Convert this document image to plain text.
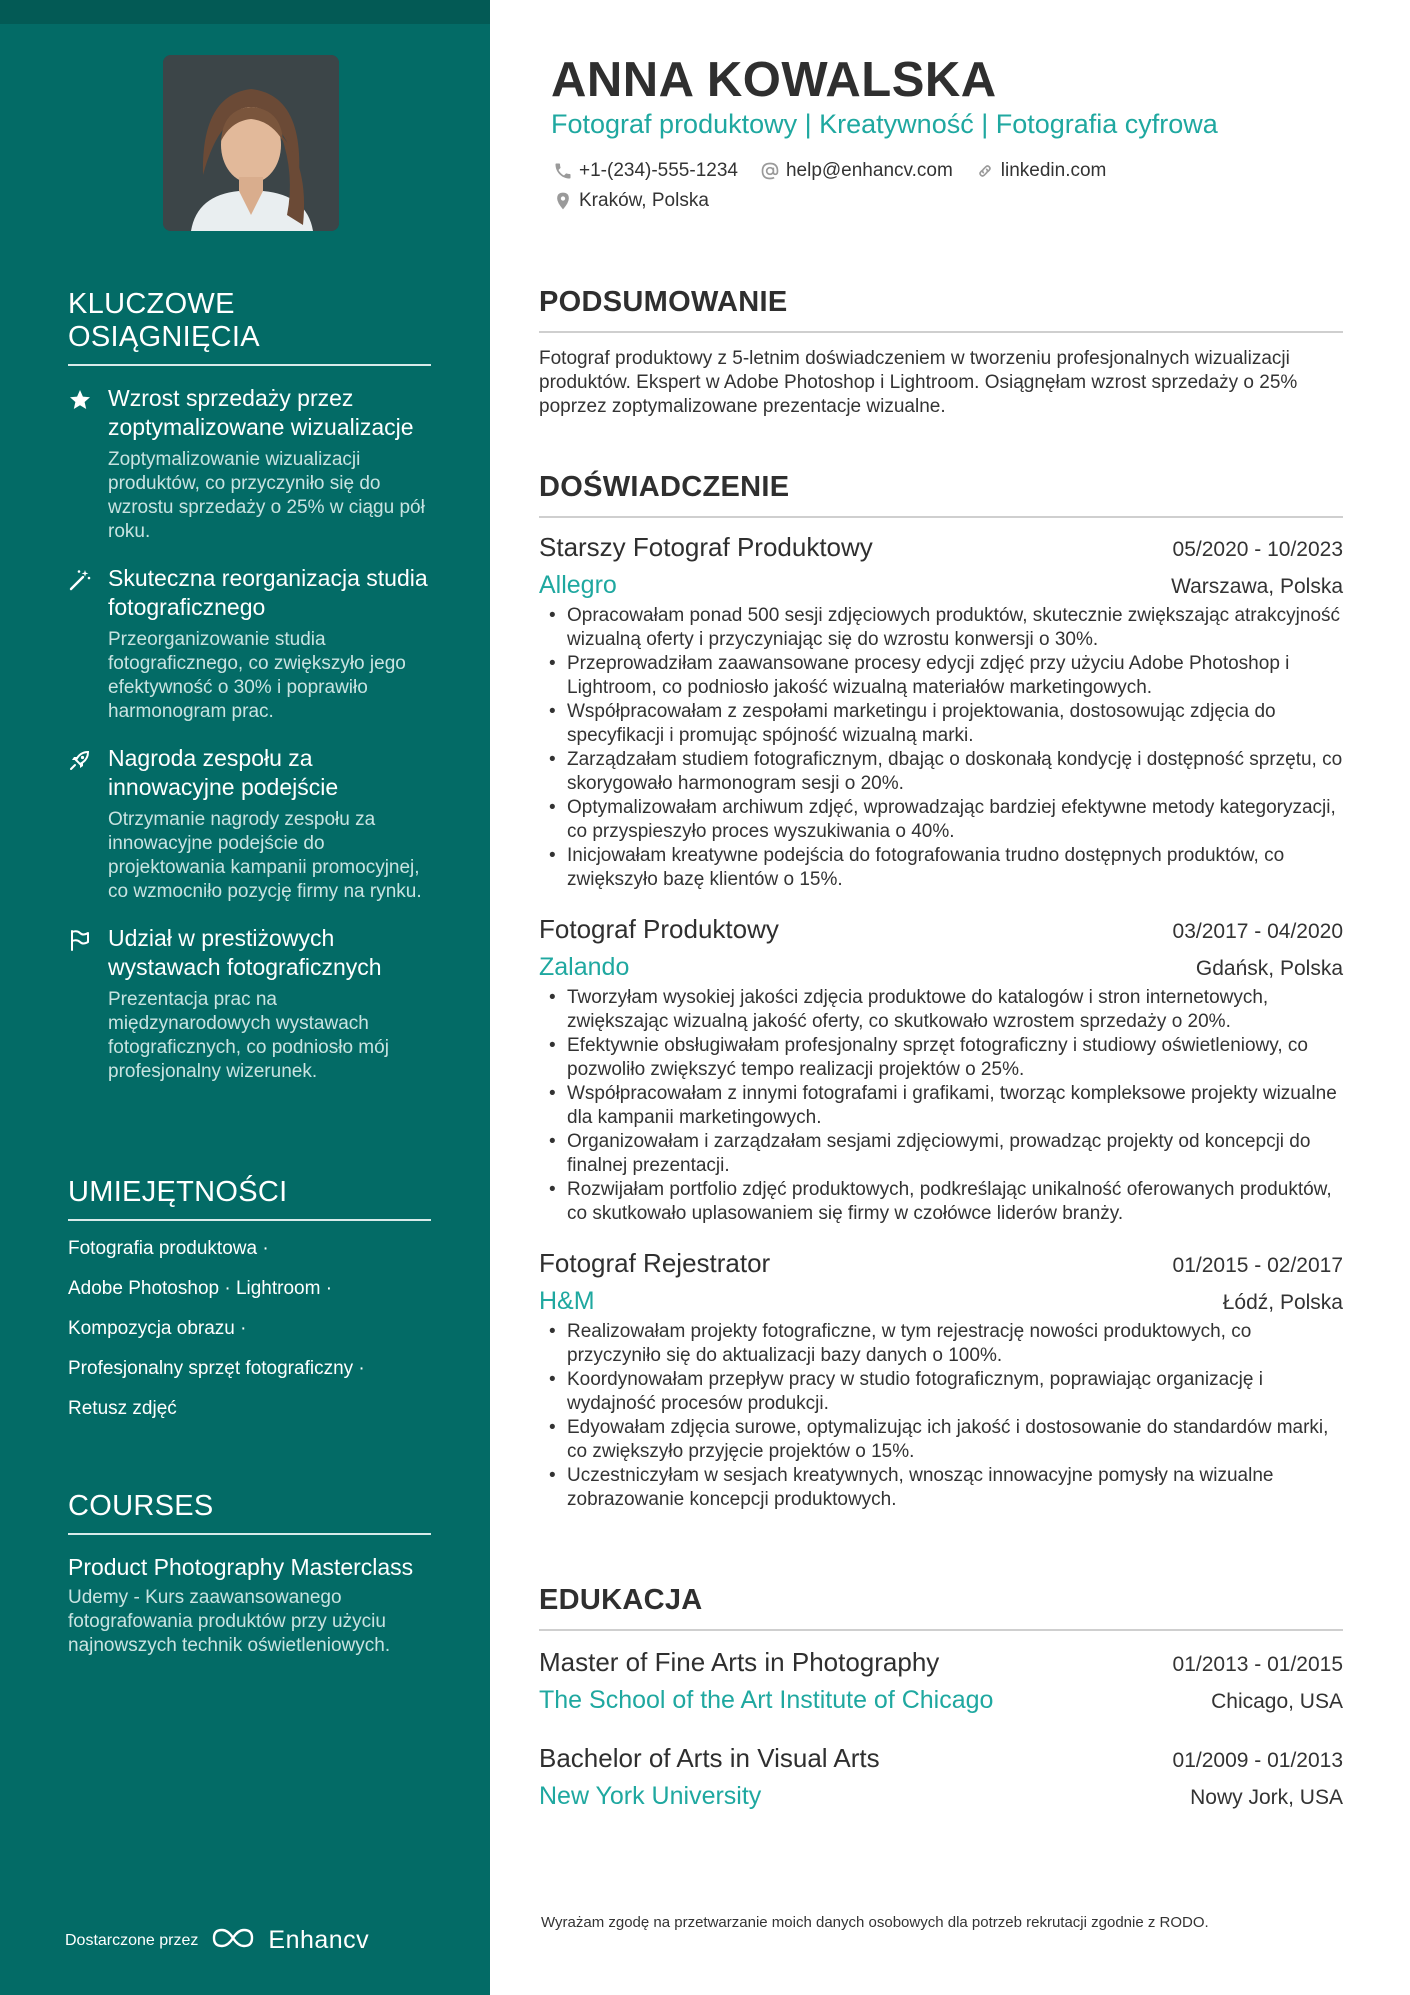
KLUCZOWE OSIĄGNIĘCIA
Wzrost sprzedaży przez zoptymalizowane wizualizacje
Zoptymalizowanie wizualizacji produktów, co przyczyniło się do wzrostu sprzedaży o 25% w ciągu pół roku.
Skuteczna reorganizacja studia fotograficznego
Przeorganizowanie studia fotograficznego, co zwiększyło jego efektywność o 30% i poprawiło harmonogram prac.
Nagroda zespołu za innowacyjne podejście
Otrzymanie nagrody zespołu za innowacyjne podejście do projektowania kampanii promocyjnej, co wzmocniło pozycję firmy na rynku.
Udział w prestiżowych wystawach fotograficznych
Prezentacja prac na międzynarodowych wystawach fotograficznych, co podniosło mój profesjonalny wizerunek.
UMIEJĘTNOŚCI
Fotografia produktowa ·
Adobe Photoshop · Lightroom ·
Kompozycja obrazu ·
Profesjonalny sprzęt fotograficzny ·
Retusz zdjęć
COURSES
Product Photography Masterclass
Udemy - Kurs zaawansowanego fotografowania produktów przy użyciu najnowszych technik oświetleniowych.
Dostarczone przez	Enhancv
ANNA KOWALSKA
Fotograf produktowy | Kreatywność | Fotografia cyfrowa
+1-(234)-555-1234	help@enhancv.com	linkedin.com
Kraków, Polska
PODSUMOWANIE

Fotograf produktowy z 5-letnim doświadczeniem w tworzeniu profesjonalnych wizualizacji produktów. Ekspert w Adobe Photoshop i Lightroom. Osiągnęłam wzrost sprzedaży o 25% poprzez zoptymalizowane prezentacje wizualne.

DOŚWIADCZENIE
Starszy Fotograf Produktowy	05/2020 - 10/2023
Allegro	Warszawa, Polska
• Opracowałam ponad 500 sesji zdjęciowych produktów, skutecznie zwiększając atrakcyjność wizualną oferty i przyczyniając się do wzrostu konwersji o 30%.
• Przeprowadziłam zaawansowane procesy edycji zdjęć przy użyciu Adobe Photoshop i Lightroom, co podniosło jakość wizualną materiałów marketingowych.
• Współpracowałam z zespołami marketingu i projektowania, dostosowując zdjęcia do specyfikacji i promując spójność wizualną marki.
• Zarządzałam studiem fotograficznym, dbając o doskonałą kondycję i dostępność sprzętu, co skorygowało harmonogram sesji o 20%.
• Optymalizowałam archiwum zdjęć, wprowadzając bardziej efektywne metody kategoryzacji, co przyspieszyło proces wyszukiwania o 40%.
• Inicjowałam kreatywne podejścia do fotografowania trudno dostępnych produktów, co zwiększyło bazę klientów o 15%.
Fotograf Produktowy	03/2017 - 04/2020
Zalando	Gdańsk, Polska
• Tworzyłam wysokiej jakości zdjęcia produktowe do katalogów i stron internetowych, zwiększając wizualną jakość oferty, co skutkowało wzrostem sprzedaży o 20%.
• Efektywnie obsługiwałam profesjonalny sprzęt fotograficzny i studiowy oświetleniowy, co pozwoliło zwiększyć tempo realizacji projektów o 25%.
• Współpracowałam z innymi fotografami i grafikami, tworząc kompleksowe projekty wizualne dla kampanii marketingowych.
• Organizowałam i zarządzałam sesjami zdjęciowymi, prowadząc projekty od koncepcji do finalnej prezentacji.
• Rozwijałam portfolio zdjęć produktowych, podkreślając unikalność oferowanych produktów, co skutkowało uplasowaniem się firmy w czołówce liderów branży.
Fotograf Rejestrator	01/2015 - 02/2017
H&M	Łódź, Polska
• Realizowałam projekty fotograficzne, w tym rejestrację nowości produktowych, co przyczyniło się do aktualizacji bazy danych o 100%.
• Koordynowałam przepływ pracy w studio fotograficznym, poprawiając organizację i wydajność procesów produkcji.
• Edyowałam zdjęcia surowe, optymalizując ich jakość i dostosowanie do standardów marki, co zwiększyło przyjęcie projektów o 15%.
• Uczestniczyłam w sesjach kreatywnych, wnosząc innowacyjne pomysły na wizualne zobrazowanie koncepcji produktowych.
EDUKACJA
Master of Fine Arts in Photography	01/2013 - 01/2015
The School of the Art Institute of Chicago	Chicago, USA
Bachelor of Arts in Visual Arts	01/2009 - 01/2013
New York University	Nowy Jork, USA

Wyrażam zgodę na przetwarzanie moich danych osobowych dla potrzeb rekrutacji zgodnie z RODO.
